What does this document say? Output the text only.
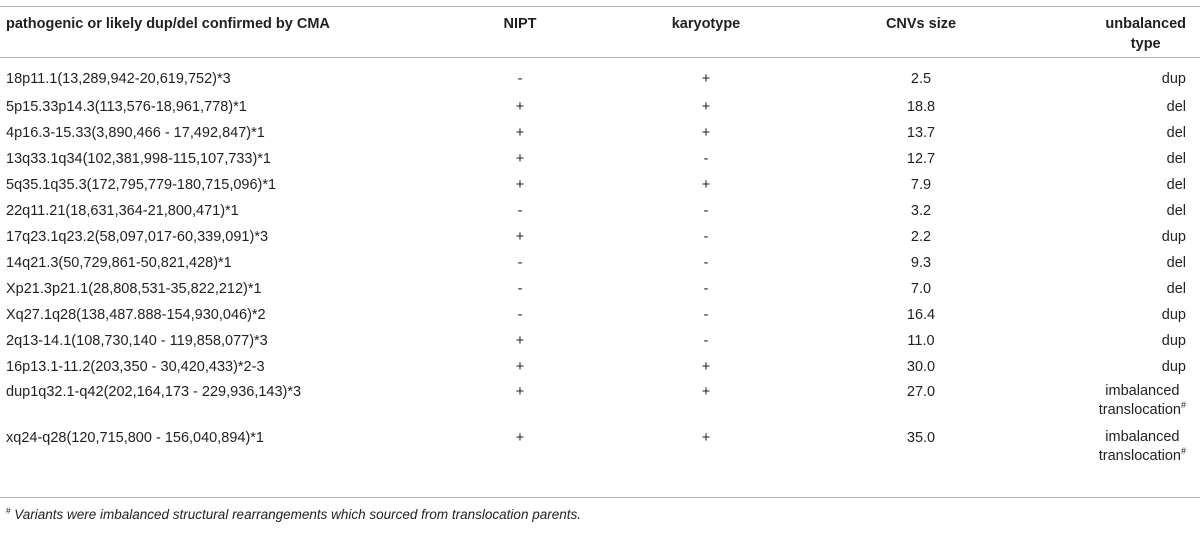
pathogenic or likely dup/del confirmed by CMA	NIPT	karyotype	CNVs size	unbalanced
type
18p11.1(13,289,942-20,619,752)*3	-	+	2.5	dup
5p15.33p14.3(113,576-18,961,778)*1	+	+	18.8	del
4p16.3-15.33(3,890,466 - 17,492,847)*1	+	+	13.7	del
13q33.1q34(102,381,998-115,107,733)*1	+	-	12.7	del
5q35.1q35.3(172,795,779-180,715,096)*1	+	+	7.9	del
22q11.21(18,631,364-21,800,471)*1	-	-	3.2	del
17q23.1q23.2(58,097,017-60,339,091)*3	+	-	2.2	dup
14q21.3(50,729,861-50,821,428)*1	-	-	9.3	del
Xp21.3p21.1(28,808,531-35,822,212)*1	-	-	7.0	del
Xq27.1q28(138,487.888-154,930,046)*2	-	-	16.4	dup
2q13-14.1(108,730,140 - 119,858,077)*3	+	-	11.0	dup
16p13.1-11.2(203,350 - 30,420,433)*2-3	+	+	30.0	dup
dup1q32.1-q42(202,164,173 - 229,936,143)*3	+	+	27.0	imbalanced
translocation#
xq24-q28(120,715,800 - 156,040,894)*1	+	+	35.0	imbalanced
translocation#
# Variants were imbalanced structural rearrangements which sourced from translocation parents.
